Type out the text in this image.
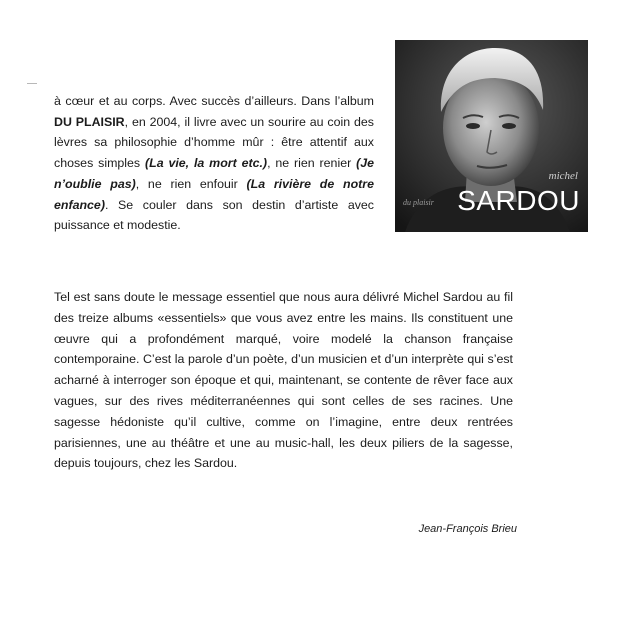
à cœur et au corps. Avec succès d’ailleurs. Dans l’album DU PLAISIR, en 2004, il livre avec un sourire au coin des lèvres sa philosophie d’homme mûr : être attentif aux choses simples (La vie, la mort etc.), ne rien renier (Je n’oublie pas), ne rien enfouir (La rivière de notre enfance). Se couler dans son destin d’artiste avec puissance et modestie.

michel
du plaisir SARDOU

Tel est sans doute le message essentiel que nous aura délivré Michel Sardou au fil des treize albums «essentiels» que vous avez entre les mains. Ils constituent une œuvre qui a profondément marqué, voire modelé la chanson française contemporaine. C’est la parole d’un poète, d’un musicien et d’un interprète qui s’est acharné à interroger son époque et qui, maintenant, se contente de rêver face aux vagues, sur des rives méditerranéennes qui sont celles de ses racines. Une sagesse hédoniste qu’il cultive, comme on l’imagine, entre deux rentrées parisiennes, une au théâtre et une au music-hall, les deux piliers de la sagesse, depuis toujours, chez les Sardou.

Jean-François Brieu
